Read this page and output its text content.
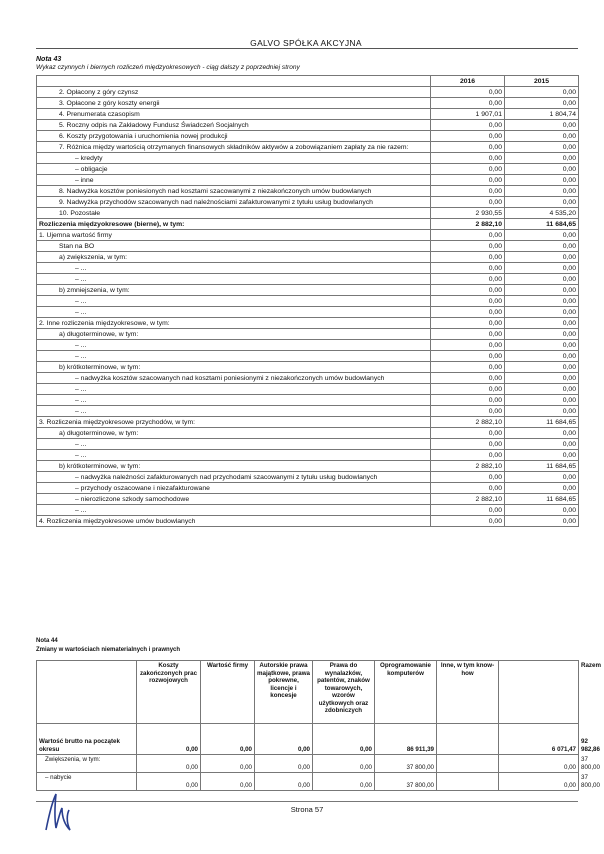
GALVO SPÓŁKA AKCYJNA
Nota 43
Wykaz czynnych i biernych rozliczeń międzyokresowych - ciąg dalszy z poprzedniej strony
	2016	2015
2. Opłacony z góry czynsz	0,00	0,00
3. Opłacone z góry koszty energii	0,00	0,00
4. Prenumerata czasopism	1 907,01	1 804,74
5. Roczny odpis na Zakładowy Fundusz Świadczeń Socjalnych	0,00	0,00
6. Koszty przygotowania i uruchomienia nowej produkcji	0,00	0,00
7. Różnica między wartością otrzymanych finansowych składników aktywów a zobowiązaniem zapłaty za nie razem:	0,00	0,00
– kredyty	0,00	0,00
– obligacje	0,00	0,00
– inne	0,00	0,00
8. Nadwyżka kosztów poniesionych nad kosztami szacowanymi z niezakończonych umów budowlanych	0,00	0,00
9. Nadwyżka przychodów szacowanych nad należnościami zafakturowanymi z tytułu usług budowlanych	0,00	0,00
10. Pozostałe	2 930,55	4 535,20
Rozliczenia międzyokresowe (bierne), w tym:	2 882,10	11 684,65
1. Ujemna wartość firmy	0,00	0,00
Stan na BO	0,00	0,00
a) zwiększenia, w tym:	0,00	0,00
– ...	0,00	0,00
– ...	0,00	0,00
b) zmniejszenia, w tym:	0,00	0,00
– ...	0,00	0,00
– ...	0,00	0,00
2. Inne rozliczenia międzyokresowe, w tym:	0,00	0,00
a) długoterminowe, w tym:	0,00	0,00
– ...	0,00	0,00
– ...	0,00	0,00
b) krótkoterminowe, w tym:	0,00	0,00
– nadwyżka kosztów szacowanych nad kosztami poniesionymi z niezakończonych umów budowlanych	0,00	0,00
– ...	0,00	0,00
– ...	0,00	0,00
– ...	0,00	0,00
3. Rozliczenia międzyokresowe przychodów, w tym:	2 882,10	11 684,65
a) długoterminowe, w tym:	0,00	0,00
– ...	0,00	0,00
– ...	0,00	0,00
b) krótkoterminowe, w tym:	2 882,10	11 684,65
– nadwyżka należności zafakturowanych nad przychodami szacowanymi z tytułu usług budowlanych	0,00	0,00
– przychody oszacowane i niezafakturowane	0,00	0,00
– nierozliczone szkody samochodowe	2 882,10	11 684,65
– ...	0,00	0,00
4. Rozliczenia międzyokresowe umów budowlanych	0,00	0,00
Nota 44
Zmiany w wartościach niematerialnych i prawnych
	Koszty zakończonych prac rozwojowych	Wartość firmy	Autorskie prawa majątkowe, prawa pokrewne, licencje i koncesje	Prawa do wynalazków, patentów, znaków towarowych, wzorów użytkowych oraz zdobniczych	Oprogramowanie komputerów	Inne, w tym know-how		Razem
Wartość brutto na początek okresu	0,00	0,00	0,00	0,00	86 911,39		6 071,47	92 982,86
Zwiększenia, w tym:	0,00	0,00	0,00	0,00	37 800,00		0,00	37 800,00
– nabycie	0,00	0,00	0,00	0,00	37 800,00		0,00	37 800,00
Strona 57
